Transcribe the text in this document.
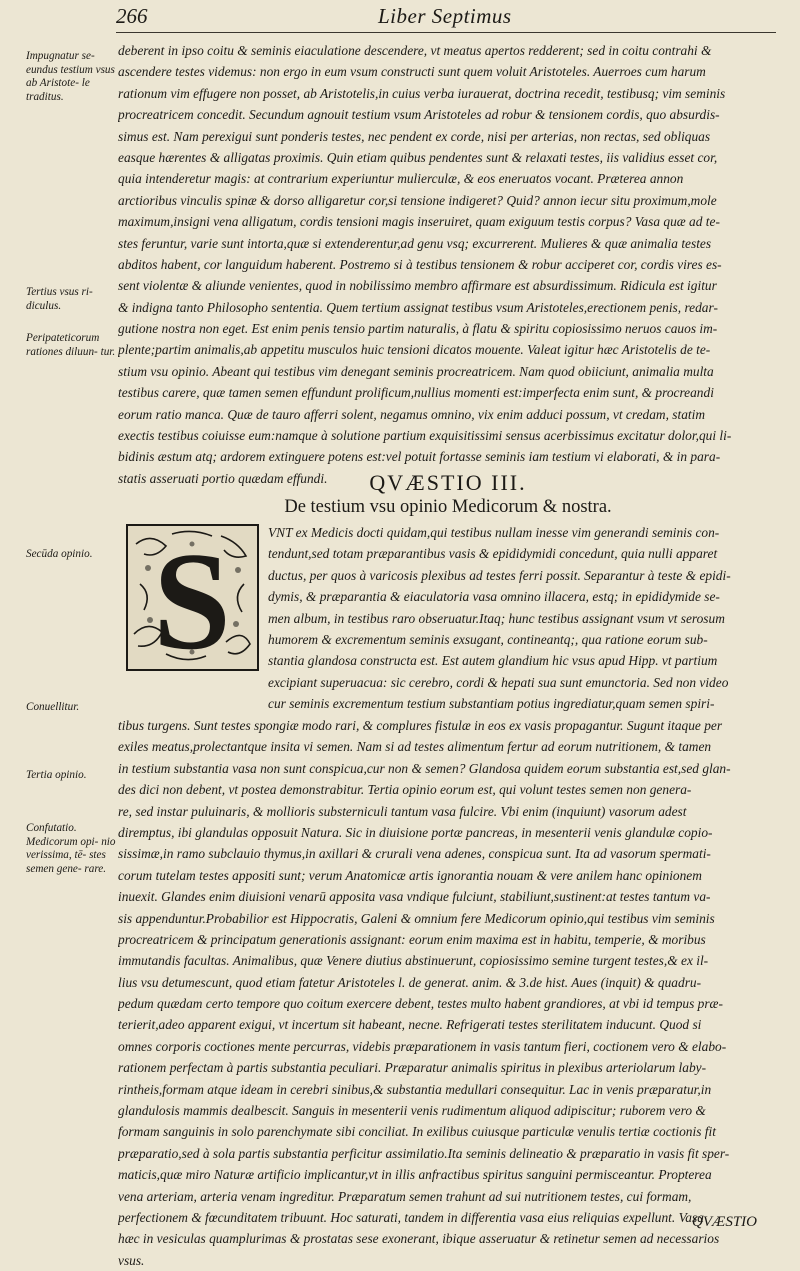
266	Liber Septimus
Impugnatur se- eundus testium vsus ab Aristote- le traditus.
Tertius vsus ri- diculus.
Peripateticorum rationes diluun- tur.
Secūda opinio.
Conuellitur.
Tertia opinio.
Confutatio. Medicorum opi- nio verissima, tē- stes semen gene- rare.
deberent in ipso coitu & seminis eiaculatione descendere, vt meatus apertos redderent; sed in coitu contrahi &
ascendere testes videmus: non ergo in eum vsum constructi sunt quem voluit Aristoteles. Auerroes cum harum
rationum vim effugere non posset, ab Aristotelis,in cuius verba iurauerat, doctrina recedit, testibusq; vim seminis
procreatricem concedit. Secundum agnouit testium vsum Aristoteles ad robur & tensionem cordis, quo absurdis-
simus est. Nam perexigui sunt ponderis testes, nec pendent ex corde, nisi per arterias, non rectas, sed obliquas
easque hærentes & alligatas proximis. Quin etiam quibus pendentes sunt & relaxati testes, iis validius esset cor,
quia intenderetur magis: at contrarium experiuntur mulierculæ, & eos eneruatos vocant. Præterea annon
arctioribus vinculis spinæ & dorso alligaretur cor,si tensione indigeret? Quid? annon iecur situ proximum,mole
maximum,insigni vena alligatum, cordis tensioni magis inseruiret, quam exiguum testis corpus? Vasa quæ ad te-
stes feruntur, varie sunt intorta,quæ si extenderentur,ad genu vsq; excurrerent. Mulieres & quæ animalia testes
abditos habent, cor languidum haberent. Postremo si à testibus tensionem & robur acciperet cor, cordis vires es-
sent violentæ & aliunde venientes, quod in nobilissimo membro affirmare est absurdissimum. Ridicula est igitur
& indigna tanto Philosopho sententia. Quem tertium assignat testibus vsum Aristoteles,erectionem penis, redar-
gutione nostra non eget. Est enim penis tensio partim naturalis, à flatu & spiritu copiosissimo neruos cauos im-
plente;partim animalis,ab appetitu musculos huic tensioni dicatos mouente. Valeat igitur hæc Aristotelis de te-
stium vsu opinio. Abeant qui testibus vim denegant seminis procreatricem. Nam quod obiiciunt, animalia multa
testibus carere, quæ tamen semen effundunt prolificum,nullius momenti est:imperfecta enim sunt, & procreandi
eorum ratio manca. Quæ de tauro afferri solent, negamus omnino, vix enim adduci possum, vt credam, statim
exectis testibus coiuisse eum:namque à solutione partium exquisitissimi sensus acerbissimus excitatur dolor,qui li-
bidinis æstum atq; ardorem extinguere potens est:vel potuit fortasse seminis iam testium vi elaborati, & in para-
statis asseruati portio quædam effundi.	QVÆSTIO III.
De testium vsu opinio Medicorum & nostra.
S	VNT ex Medicis docti quidam,qui testibus nullam inesse vim generandi seminis con-
tendunt,sed totam præparantibus vasis & epididymidi concedunt, quia nulli apparet
ductus, per quos à varicosis plexibus ad testes ferri possit. Separantur à teste & epidi-
dymis, & præparantia & eiaculatoria vasa omnino illacera, estq; in epididymide se-
men album, in testibus raro obseruatur.Itaq; hunc testibus assignant vsum vt serosum
humorem & excrementum seminis exsugant, contineantq;, qua ratione eorum sub-
stantia glandosa constructa est. Est autem glandium hic vsus apud Hipp. vt partium
excipiant superuacua: sic cerebro, cordi & hepati sua sunt emunctoria. Sed non video
cur seminis excrementum testium substantiam potius ingrediatur,quam semen spiri-
tibus turgens. Sunt testes spongiæ modo rari, & complures fistulæ in eos ex vasis propagantur. Sugunt itaque per
exiles meatus,prolectantque insita vi semen. Nam si ad testes alimentum fertur ad eorum nutritionem, & tamen
in testium substantia vasa non sunt conspicua,cur non & semen? Glandosa quidem eorum substantia est,sed glan-
des dici non debent, vt postea demonstrabitur. Tertia opinio eorum est, qui volunt testes semen non genera-
re, sed instar puluinaris, & mollioris substerniculi tantum vasa fulcire. Vbi enim (inquiunt) vasorum adest
diremptus, ibi glandulas opposuit Natura. Sic in diuisione portæ pancreas, in mesenterii venis glandulæ copio-
sissimæ,in ramo subclauio thymus,in axillari & crurali vena adenes, conspicua sunt. Ita ad vasorum spermati-
corum tutelam testes appositi sunt; verum Anatomicæ artis ignorantia nouam & vere anilem hanc opinionem
inuexit. Glandes enim diuisioni venarū apposita vasa vndique fulciunt, stabiliunt,sustinent:at testes tantum va-
sis appenduntur.Probabilior est Hippocratis, Galeni & omnium fere Medicorum opinio,qui testibus vim seminis
procreatricem & principatum generationis assignant: eorum enim maxima est in habitu, temperie, & moribus
immutandis facultas. Animalibus, quæ Venere diutius abstinuerunt, copiosissimo semine turgent testes,& ex il-
lius vsu detumescunt, quod etiam fatetur Aristoteles l. de generat. anim. & 3.de hist. Aues (inquit) & quadru-
pedum quædam certo tempore quo coitum exercere debent, testes multo habent grandiores, at vbi id tempus præ-
terierit,adeo apparent exigui, vt incertum sit habeant, necne. Refrigerati testes sterilitatem inducunt. Quod si
omnes corporis coctiones mente percurras, videbis præparationem in vasis tantum fieri, coctionem vero & elabo-
rationem perfectam à partis substantia peculiari. Præparatur animalis spiritus in plexibus arteriolarum laby-
rintheis,formam atque ideam in cerebri sinibus,& substantia medullari consequitur. Lac in venis præparatur,in
glandulosis mammis dealbescit. Sanguis in mesenterii venis rudimentum aliquod adipiscitur; ruborem vero &
formam sanguinis in solo parenchymate sibi conciliat. In exilibus cuiusque particulæ venulis tertiæ coctionis fit
præparatio,sed à sola partis substantia perficitur assimilatio.Ita seminis delineatio & præparatio in vasis fit sper-
maticis,quæ miro Naturæ artificio implicantur,vt in illis anfractibus spiritus sanguini permisceantur. Propterea
vena arteriam, arteria venam ingreditur. Præparatum semen trahunt ad sui nutritionem testes, cui formam,
perfectionem & fœcunditatem tribuunt. Hoc saturati, tandem in differentia vasa eius reliquias expellunt. Vasa
hæc in vesiculas quamplurimas & prostatas sese exonerant, ibique asseruatur & retinetur semen ad necessarios
vsus.
QVÆSTIO
